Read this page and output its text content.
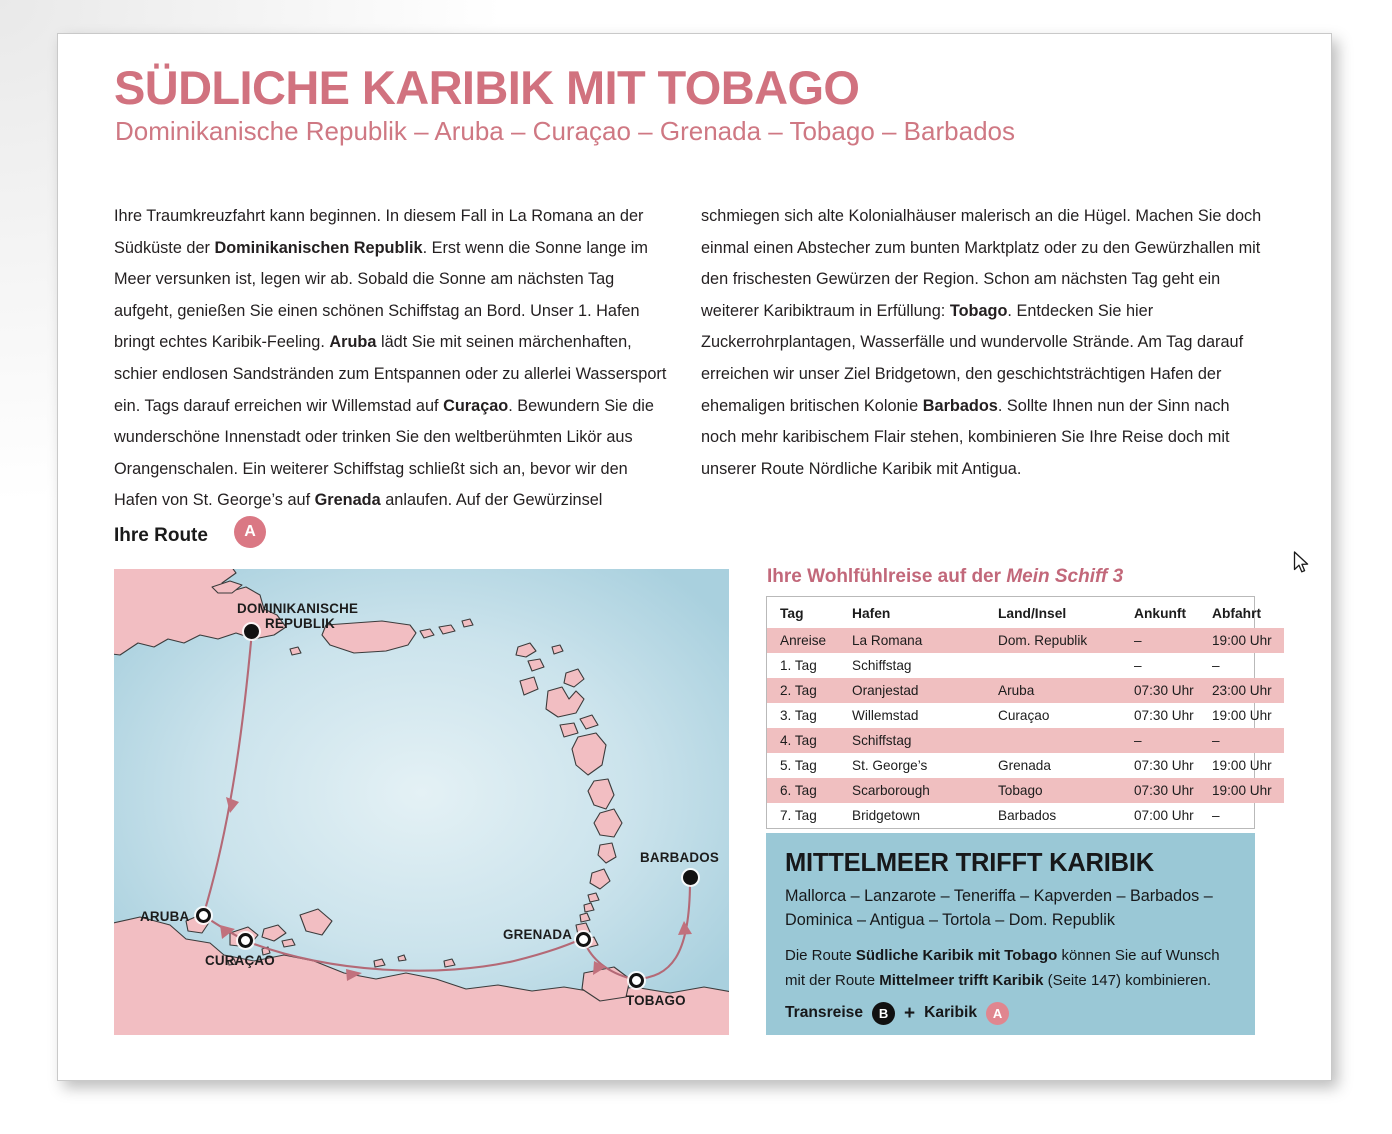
SÜDLICHE KARIBIK MIT TOBAGO
Dominikanische Republik – Aruba – Curaçao – Grenada – Tobago – Barbados
Ihre Traumkreuzfahrt kann beginnen. In diesem Fall in La Romana an der Südküste der Dominikanischen Republik. Erst wenn die Sonne lange im Meer versunken ist, legen wir ab. Sobald die Sonne am nächsten Tag aufgeht, genießen Sie einen schönen Schiffstag an Bord. Unser 1. Hafen bringt echtes Karibik-Feeling. Aruba lädt Sie mit seinen märchenhaften, schier endlosen Sandstränden zum Entspannen oder zu allerlei Wassersport ein. Tags darauf erreichen wir Willemstad auf Curaçao. Bewundern Sie die wunderschöne Innenstadt oder trinken Sie den weltberühmten Likör aus Orangenschalen. Ein weiterer Schiffstag schließt sich an, bevor wir den Hafen von St. George’s auf Grenada anlaufen. Auf der Gewürzinsel
schmiegen sich alte Kolonialhäuser malerisch an die Hügel. Machen Sie doch einmal einen Abstecher zum bunten Marktplatz oder zu den Gewürzhallen mit den frischesten Gewürzen der Region. Schon am nächsten Tag geht ein weiterer Karibiktraum in Erfüllung: Tobago. Entdecken Sie hier Zuckerrohrplantagen, Wasserfälle und wundervolle Strände. Am Tag darauf erreichen wir unser Ziel Bridgetown, den geschichtsträchtigen Hafen der ehemaligen britischen Kolonie Barbados. Sollte Ihnen nun der Sinn nach noch mehr karibischem Flair stehen, kombinieren Sie Ihre Reise doch mit unserer Route Nördliche Karibik mit Antigua.
Ihre Route	A
DOMINIKANISCHE
REPUBLIK
ARUBA
CURAÇAO
GRENADA
TOBAGO
BARBADOS
Ihre Wohlfühlreise auf der Mein Schiff 3
Tag	Hafen	Land/Insel	Ankunft	Abfahrt
Anreise	La Romana	Dom. Republik	–	19:00 Uhr
1. Tag	Schiffstag		–	–
2. Tag	Oranjestad	Aruba	07:30 Uhr	23:00 Uhr
3. Tag	Willemstad	Curaçao	07:30 Uhr	19:00 Uhr
4. Tag	Schiffstag		–	–
5. Tag	St. George’s	Grenada	07:30 Uhr	19:00 Uhr
6. Tag	Scarborough	Tobago	07:30 Uhr	19:00 Uhr
7. Tag	Bridgetown	Barbados	07:00 Uhr	–
MITTELMEER TRIFFT KARIBIK
Mallorca – Lanzarote – Teneriffa – Kapverden – Barbados – Dominica – Antigua – Tortola – Dom. Republik
Die Route Südliche Karibik mit Tobago können Sie auf Wunsch mit der Route Mittelmeer trifft Karibik (Seite 147) kombinieren.
Transreise	B + Karibik	A
